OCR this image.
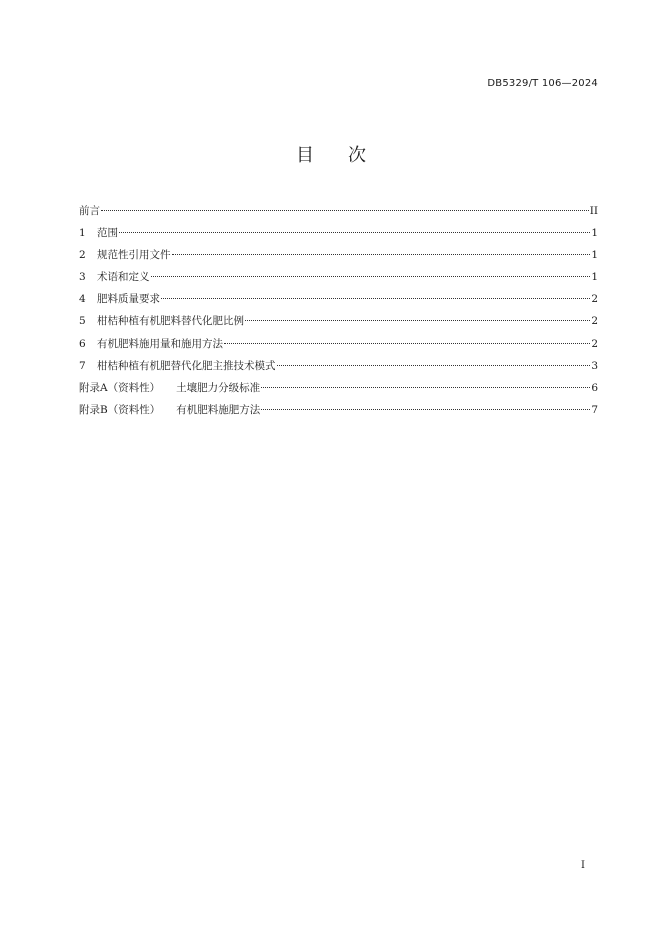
DB5329/T 106—2024
目 次
前言	II
1 范围	1
2 规范性引用文件	1
3 术语和定义	1
4 肥料质量要求	2
5 柑桔种植有机肥料替代化肥比例	2
6 有机肥料施用量和施用方法	2
7 柑桔种植有机肥替代化肥主推技术模式	3
附录A（资料性） 土壤肥力分级标准	6
附录B（资料性） 有机肥料施肥方法	7
I
